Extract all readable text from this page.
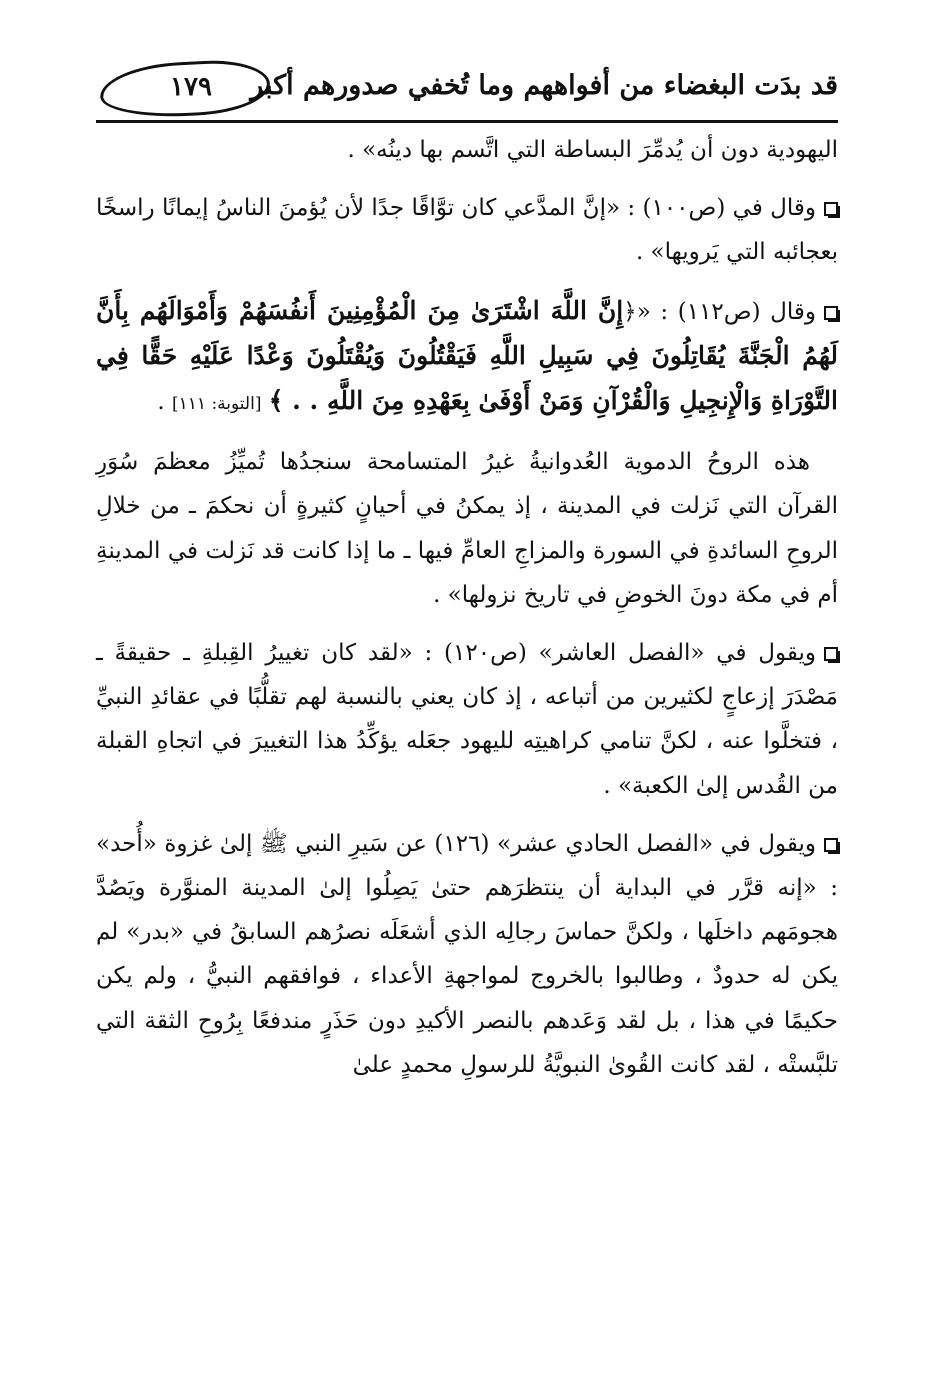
قد بدَت البغضاء من أفواههم وما تُخفي صدورهم أكبر
١٧٩

اليهودية دون أن يُدمِّرَ البساطة التي اتَّسم بها دينُه» .

وقال في (ص١٠٠) : «إنَّ المدَّعي كان توَّاقًا جدًا لأن يُؤمنَ الناسُ إيمانًا راسخًا بعجائبه التي يَرويها» .

وقال (ص١١٢) : «﴿إِنَّ اللَّهَ اشْتَرَىٰ مِنَ الْمُؤْمِنِينَ أَنفُسَهُمْ وَأَمْوَالَهُم بِأَنَّ لَهُمُ الْجَنَّةَ يُقَاتِلُونَ فِي سَبِيلِ اللَّهِ فَيَقْتُلُونَ وَيُقْتَلُونَ وَعْدًا عَلَيْهِ حَقًّا فِي التَّوْرَاةِ وَالْإِنجِيلِ وَالْقُرْآنِ وَمَنْ أَوْفَىٰ بِعَهْدِهِ مِنَ اللَّهِ . . ﴾ [التوبة: ١١١] .

هذه الروحُ الدموية العُدوانيةُ غيرُ المتسامحة سنجدُها تُميِّزُ معظمَ سُوَرِ القرآن التي نَزلت في المدينة ، إذ يمكنُ في أحيانٍ كثيرةٍ أن نحكمَ ـ من خلالِ الروحِ السائدةِ في السورة والمزاجِ العامِّ فيها ـ ما إذا كانت قد نَزلت في المدينةِ أم في مكة دونَ الخوضِ في تاريخ نزولها» .

ويقول في «الفصل العاشر» (ص١٢٠) : «لقد كان تغييرُ القِبلةِ ـ حقيقةً ـ مَصْدَرَ إزعاجٍ لكثيرين من أتباعه ، إذ كان يعني بالنسبة لهم تقلُّبًا في عقائدِ النبيِّ ، فتخلَّوا عنه ، لكنَّ تنامي كراهيتِه لليهود جعَله يؤكِّدُ هذا التغييرَ في اتجاهِ القبلة من القُدس إلىٰ الكعبة» .

ويقول في «الفصل الحادي عشر» (١٢٦) عن سَيرِ النبي ﷺ إلىٰ غزوة «أُحد» : «إنه قرَّر في البداية أن ينتظرَهم حتىٰ يَصِلُوا إلىٰ المدينة المنوَّرة ويَصُدَّ هجومَهم داخلَها ، ولكنَّ حماسَ رجالِه الذي أشعَلَه نصرُهم السابقُ في «بدر» لم يكن له حدودٌ ، وطالبوا بالخروج لمواجهةِ الأعداء ، فوافقهم النبيُّ ، ولم يكن حكيمًا في هذا ، بل لقد وَعَدهم بالنصر الأكيدِ دون حَذَرٍ مندفعًا بِرُوحِ الثقة التي تلبَّستْه ، لقد كانت القُوىٰ النبويَّةُ للرسولِ محمدٍ علىٰ
